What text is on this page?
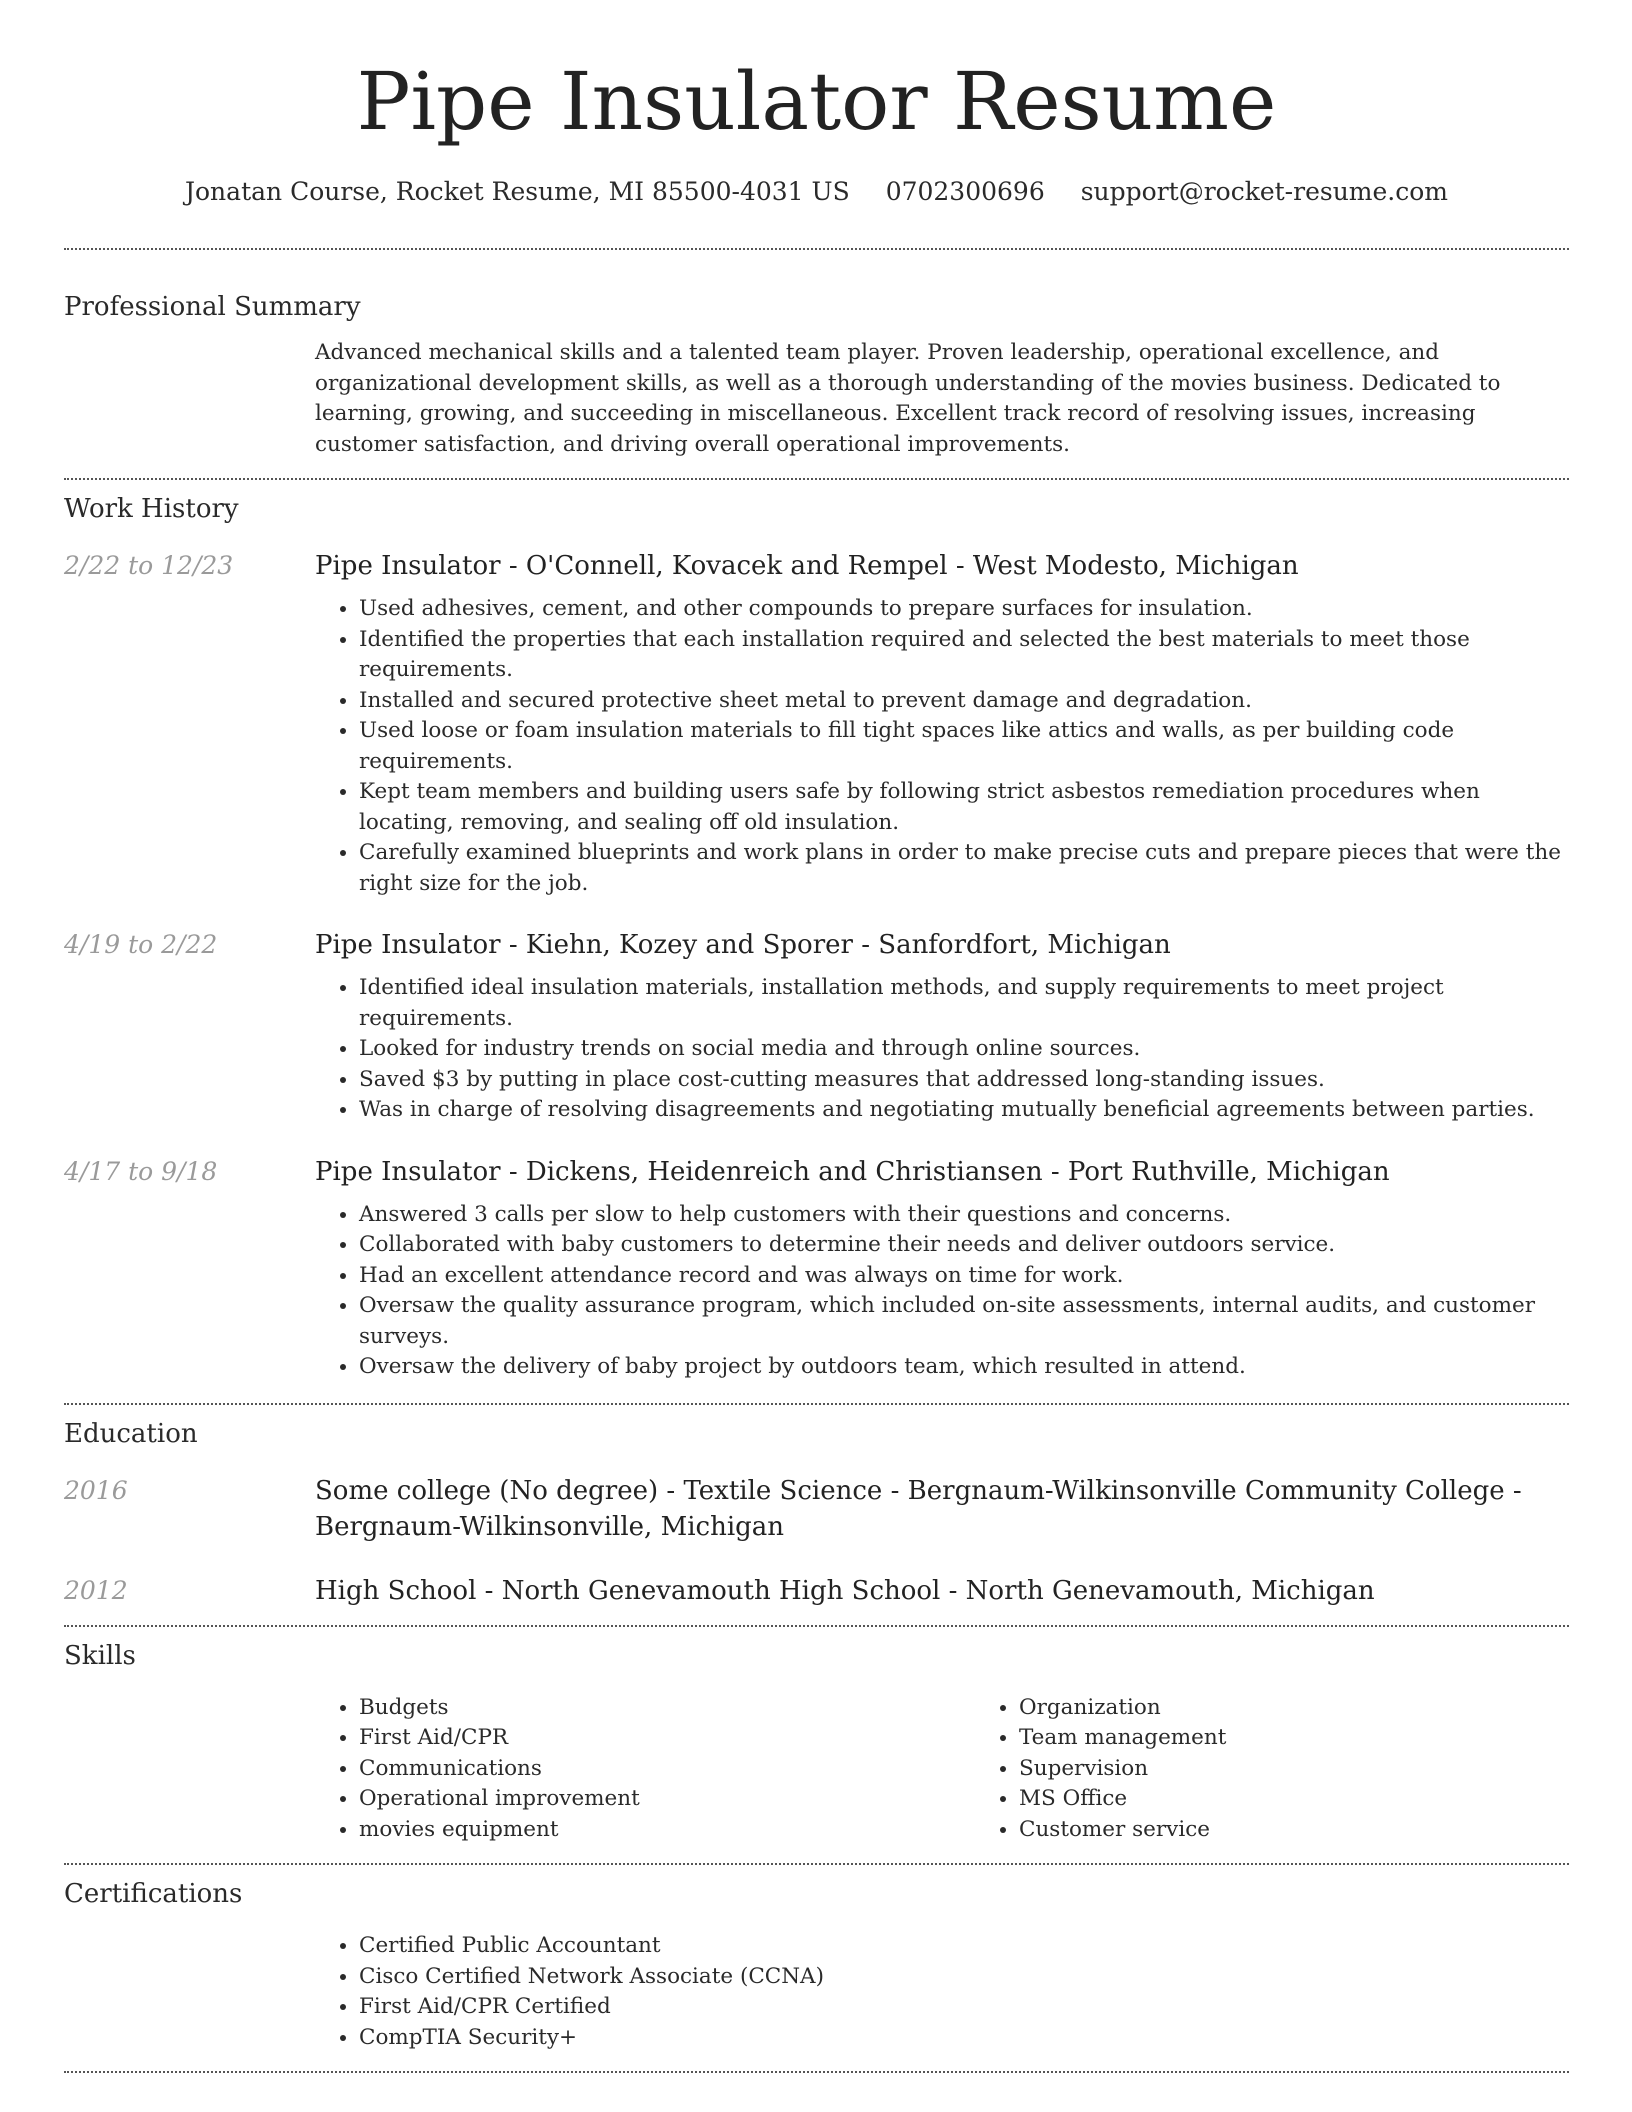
Pipe Insulator Resume
Jonatan Course, Rocket Resume, MI 85500-4031 US 0702300696 support@rocket-resume.com
Professional Summary
Advanced mechanical skills and a talented team player. Proven leadership, operational excellence, and organizational development skills, as well as a thorough understanding of the movies business. Dedicated to learning, growing, and succeeding in miscellaneous. Excellent track record of resolving issues, increasing customer satisfaction, and driving overall operational improvements.
Work History
2/22 to 12/23	Pipe Insulator - O'Connell, Kovacek and Rempel - West Modesto, Michigan
• Used adhesives, cement, and other compounds to prepare surfaces for insulation.
• Identified the properties that each installation required and selected the best materials to meet those requirements.
• Installed and secured protective sheet metal to prevent damage and degradation.
• Used loose or foam insulation materials to fill tight spaces like attics and walls, as per building code requirements.
• Kept team members and building users safe by following strict asbestos remediation procedures when locating, removing, and sealing off old insulation.
• Carefully examined blueprints and work plans in order to make precise cuts and prepare pieces that were the right size for the job.
4/19 to 2/22	Pipe Insulator - Kiehn, Kozey and Sporer - Sanfordfort, Michigan
• Identified ideal insulation materials, installation methods, and supply requirements to meet project requirements.
• Looked for industry trends on social media and through online sources.
• Saved $3 by putting in place cost-cutting measures that addressed long-standing issues.
• Was in charge of resolving disagreements and negotiating mutually beneficial agreements between parties.
4/17 to 9/18	Pipe Insulator - Dickens, Heidenreich and Christiansen - Port Ruthville, Michigan
• Answered 3 calls per slow to help customers with their questions and concerns.
• Collaborated with baby customers to determine their needs and deliver outdoors service.
• Had an excellent attendance record and was always on time for work.
• Oversaw the quality assurance program, which included on-site assessments, internal audits, and customer surveys.
• Oversaw the delivery of baby project by outdoors team, which resulted in attend.
Education
2016	Some college (No degree) - Textile Science - Bergnaum-Wilkinsonville Community College - Bergnaum-Wilkinsonville, Michigan
2012	High School - North Genevamouth High School - North Genevamouth, Michigan
Skills
• Budgets
• First Aid/CPR
• Communications
• Operational improvement
• movies equipment
• Organization
• Team management
• Supervision
• MS Office
• Customer service
Certifications
• Certified Public Accountant
• Cisco Certified Network Associate (CCNA)
• First Aid/CPR Certified
• CompTIA Security+
